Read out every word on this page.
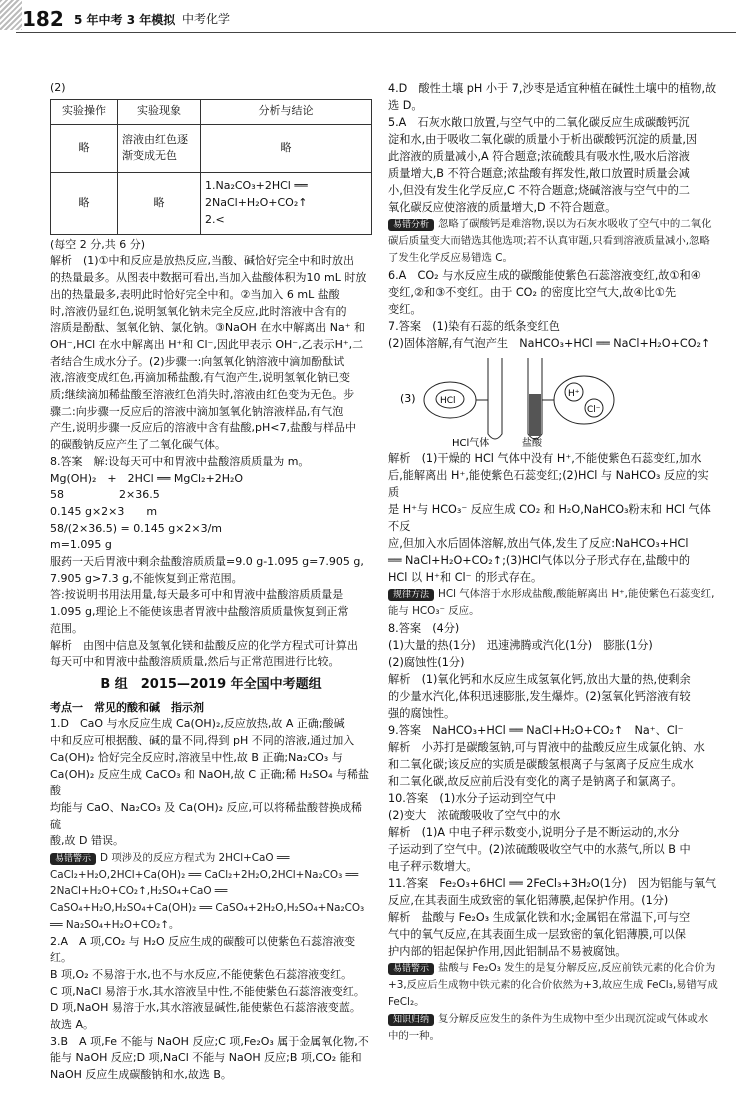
182 5 年中考 3 年模拟 中考化学

(2)

实验操作	实验现象	分析与结论
略	溶液由红色逐渐变成无色	略
略	略	1.Na₂CO₃+2HCl ══ 2NaCl+H₂O+CO₂↑
2.<

(每空 2 分,共 6 分)

解析　(1)①中和反应是放热反应,当酸、碱恰好完全中和时放出

的热量最多。从图表中数据可看出,当加入盐酸体积为10 mL 时放

出的热量最多,表明此时恰好完全中和。②当加入 6 mL 盐酸

时,溶液仍显红色,说明氢氧化钠未完全反应,此时溶液中含有的

溶质是酚酞、氢氧化钠、氯化钠。③NaOH 在水中解离出 Na⁺ 和

OH⁻,HCl 在水中解离出 H⁺和 Cl⁻,因此甲表示 OH⁻,乙表示H⁺,二

者结合生成水分子。(2)步骤一:向氢氧化钠溶液中滴加酚酞试

液,溶液变成红色,再滴加稀盐酸,有气泡产生,说明氢氧化钠已变

质;继续滴加稀盐酸至溶液红色消失时,溶液由红色变为无色。步

骤二:向步骤一反应后的溶液中滴加氢氧化钠溶液样品,有气泡

产生,说明步骤一反应后的溶液中含有盐酸,pH<7,盐酸与样品中

的碳酸钠反应产生了二氧化碳气体。

8.答案　解:设每天可中和胃液中盐酸溶质质量为 m。

Mg(OH)₂　+　2HCl ══ MgCl₂+2H₂O

58　　　　　2×36.5

0.145 g×2×3　　m

58/(2×36.5) = 0.145 g×2×3/m

m=1.095 g

服药一天后胃液中剩余盐酸溶质质量=9.0 g-1.095 g=7.905 g,

7.905 g>7.3 g,不能恢复到正常范围。

答:按说明书用法用量,每天最多可中和胃液中盐酸溶质质量是

1.095 g,理论上不能使该患者胃液中盐酸溶质质量恢复到正常

范围。

解析　由图中信息及氢氧化镁和盐酸反应的化学方程式可计算出

每天可中和胃液中盐酸溶质质量,然后与正常范围进行比较。

B 组　2015—2019 年全国中考题组

考点一　常见的酸和碱　指示剂

1.D　CaO 与水反应生成 Ca(OH)₂,反应放热,故 A 正确;酸碱

中和反应可根据酸、碱的量不同,得到 pH 不同的溶液,通过加入

Ca(OH)₂ 恰好完全反应时,溶液呈中性,故 B 正确;Na₂CO₃ 与

Ca(OH)₂ 反应生成 CaCO₃ 和 NaOH,故 C 正确;稀 H₂SO₄ 与稀盐酸

均能与 CaO、Na₂CO₃ 及 Ca(OH)₂ 反应,可以将稀盐酸替换成稀硫

酸,故 D 错误。

易错警示 D 项涉及的反应方程式为 2HCl+CaO ══ CaCl₂+H₂O,2HCl+Ca(OH)₂ ══ CaCl₂+2H₂O,2HCl+Na₂CO₃ ══ 2NaCl+H₂O+CO₂↑,H₂SO₄+CaO ══ CaSO₄+H₂O,H₂SO₄+Ca(OH)₂ ══ CaSO₄+2H₂O,H₂SO₄+Na₂CO₃ ══ Na₂SO₄+H₂O+CO₂↑。

2.A　A 项,CO₂ 与 H₂O 反应生成的碳酸可以使紫色石蕊溶液变红。

B 项,O₂ 不易溶于水,也不与水反应,不能使紫色石蕊溶液变红。

C 项,NaCl 易溶于水,其水溶液呈中性,不能使紫色石蕊溶液变红。

D 项,NaOH 易溶于水,其水溶液显碱性,能使紫色石蕊溶液变蓝。

故选 A。

3.B　A 项,Fe 不能与 NaOH 反应;C 项,Fe₂O₃ 属于金属氧化物,不

能与 NaOH 反应;D 项,NaCl 不能与 NaOH 反应;B 项,CO₂ 能和

NaOH 反应生成碳酸钠和水,故选 B。

4.D　酸性土壤 pH 小于 7,沙枣是适宜种植在碱性土壤中的植物,故

选 D。

5.A　石灰水敞口放置,与空气中的二氧化碳反应生成碳酸钙沉

淀和水,由于吸收二氧化碳的质量小于析出碳酸钙沉淀的质量,因

此溶液的质量减小,A 符合题意;浓硫酸具有吸水性,吸水后溶液

质量增大,B 不符合题意;浓盐酸有挥发性,敞口放置时质量会减

小,但没有发生化学反应,C 不符合题意;烧碱溶液与空气中的二

氧化碳反应使溶液的质量增大,D 不符合题意。

易错分析 忽略了碳酸钙是难溶物,误以为石灰水吸收了空气中的二氧化碳后质量变大而错选其他选项;若不认真审题,只看到溶液质量减小,忽略了发生化学反应易错选 C。

6.A　CO₂ 与水反应生成的碳酸能使紫色石蕊溶液变红,故①和④

变红,②和③不变红。由于 CO₂ 的密度比空气大,故④比①先

变红。

7.答案　(1)染有石蕊的纸条变红色

(2)固体溶解,有气泡产生　NaHCO₃+HCl ══ NaCl+H₂O+CO₂↑

(3)	HCl
H⁺
Cl⁻
HCl气体	盐酸

解析　(1)干燥的 HCl 气体中没有 H⁺,不能使紫色石蕊变红,加水

后,能解离出 H⁺,能使紫色石蕊变红;(2)HCl 与 NaHCO₃ 反应的实质

是 H⁺与 HCO₃⁻ 反应生成 CO₂ 和 H₂O,NaHCO₃粉末和 HCl 气体不反

应,但加入水后固体溶解,放出气体,发生了反应:NaHCO₃+HCl

══ NaCl+H₂O+CO₂↑;(3)HCl气体以分子形式存在,盐酸中的

HCl 以 H⁺和 Cl⁻ 的形式存在。

规律方法 HCl 气体溶于水形成盐酸,酸能解离出 H⁺,能使紫色石蕊变红,能与 HCO₃⁻ 反应。

8.答案　(4分)

(1)大量的热(1分)　迅速沸腾或汽化(1分)　膨胀(1分)

(2)腐蚀性(1分)

解析　(1)氧化钙和水反应生成氢氧化钙,放出大量的热,使剩余

的少量水汽化,体积迅速膨胀,发生爆炸。(2)氢氧化钙溶液有较

强的腐蚀性。

9.答案　NaHCO₃+HCl ══ NaCl+H₂O+CO₂↑　Na⁺、Cl⁻

解析　小苏打是碳酸氢钠,可与胃液中的盐酸反应生成氯化钠、水

和二氧化碳;该反应的实质是碳酸氢根离子与氢离子反应生成水

和二氧化碳,故反应前后没有变化的离子是钠离子和氯离子。

10.答案　(1)水分子运动到空气中

(2)变大　浓硫酸吸收了空气中的水

解析　(1)A 中电子秤示数变小,说明分子是不断运动的,水分

子运动到了空气中。(2)浓硫酸吸收空气中的水蒸气,所以 B 中

电子秤示数增大。

11.答案　Fe₂O₃+6HCl ══ 2FeCl₃+3H₂O(1分)　因为铝能与氧气

反应,在其表面生成致密的氧化铝薄膜,起保护作用。(1分)

解析　盐酸与 Fe₂O₃ 生成氯化铁和水;金属铝在常温下,可与空

气中的氧气反应,在其表面生成一层致密的氧化铝薄膜,可以保

护内部的铝起保护作用,因此铝制品不易被腐蚀。

易错警示 盐酸与 Fe₂O₃ 发生的是复分解反应,反应前铁元素的化合价为+3,反应后生成物中铁元素的化合价依然为+3,故应生成 FeCl₃,易错写成 FeCl₂。

知识归纳 复分解反应发生的条件为生成物中至少出现沉淀或气体或水中的一种。
